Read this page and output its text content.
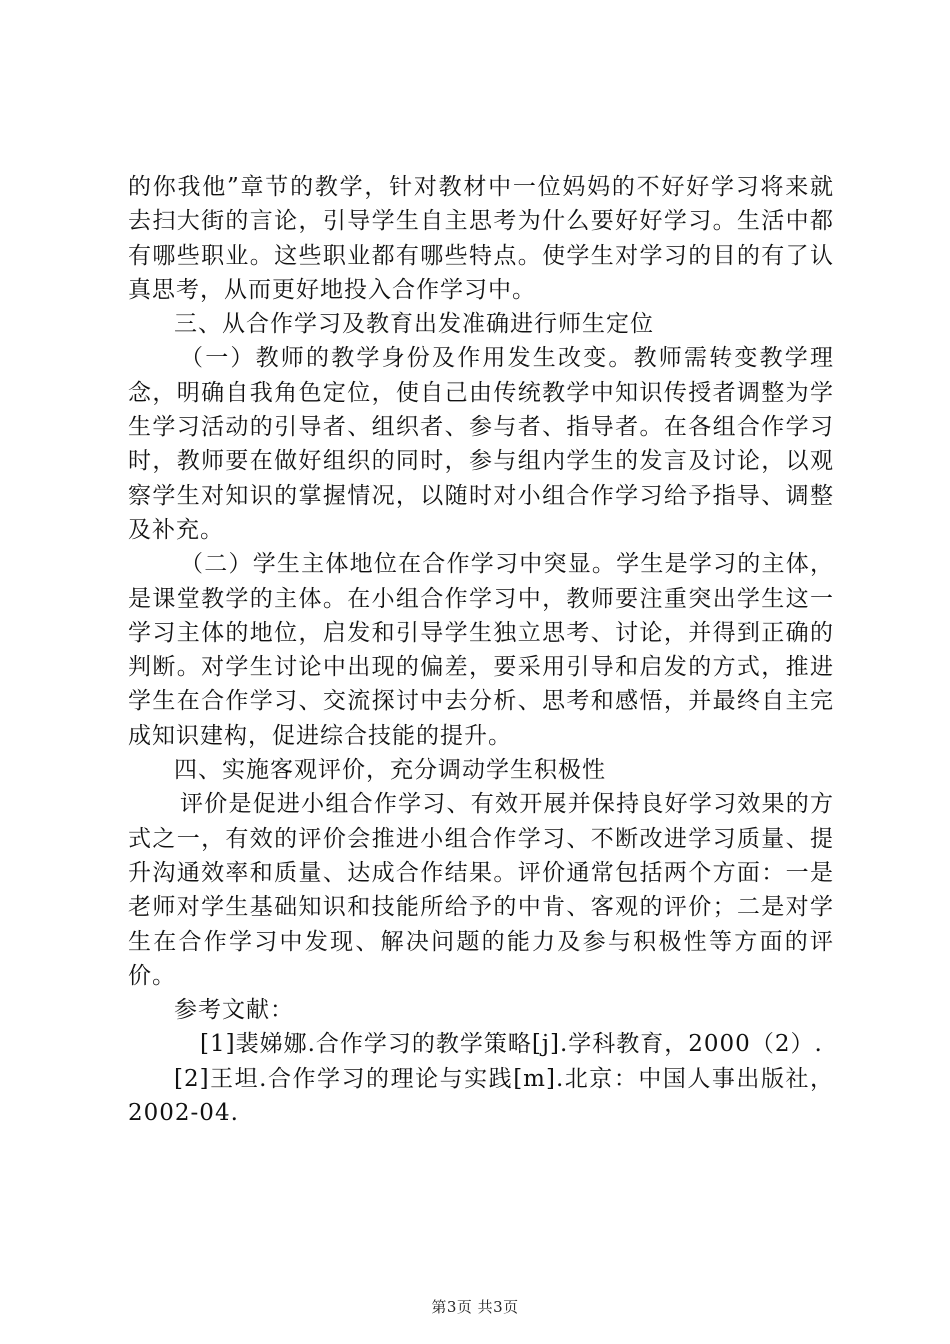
的你我他”章节的教学，针对教材中一位妈妈的不好好学习将来就去扫大街的言论，引导学生自主思考为什么要好好学习。生活中都有哪些职业。这些职业都有哪些特点。使学生对学习的目的有了认真思考，从而更好地投入合作学习中。

三、从合作学习及教育出发准确进行师生定位

（一）教师的教学身份及作用发生改变。教师需转变教学理念，明确自我角色定位，使自己由传统教学中知识传授者调整为学生学习活动的引导者、组织者、参与者、指导者。在各组合作学习时，教师要在做好组织的同时，参与组内学生的发言及讨论，以观察学生对知识的掌握情况，以随时对小组合作学习给予指导、调整及补充。

（二）学生主体地位在合作学习中突显。学生是学习的主体，是课堂教学的主体。在小组合作学习中，教师要注重突出学生这一学习主体的地位，启发和引导学生独立思考、讨论，并得到正确的判断。对学生讨论中出现的偏差，要采用引导和启发的方式，推进学生在合作学习、交流探讨中去分析、思考和感悟，并最终自主完成知识建构，促进综合技能的提升。

四、实施客观评价，充分调动学生积极性

评价是促进小组合作学习、有效开展并保持良好学习效果的方式之一，有效的评价会推进小组合作学习、不断改进学习质量、提升沟通效率和质量、达成合作结果。评价通常包括两个方面：一是老师对学生基础知识和技能所给予的中肯、客观的评价；二是对学生在合作学习中发现、解决问题的能力及参与积极性等方面的评价。

参考文献：

[1]裴娣娜.合作学习的教学策略[j].学科教育，2000（2）.

[2]王坦.合作学习的理论与实践[m].北京：中国人事出版社，2002-04.

第3页 共3页
